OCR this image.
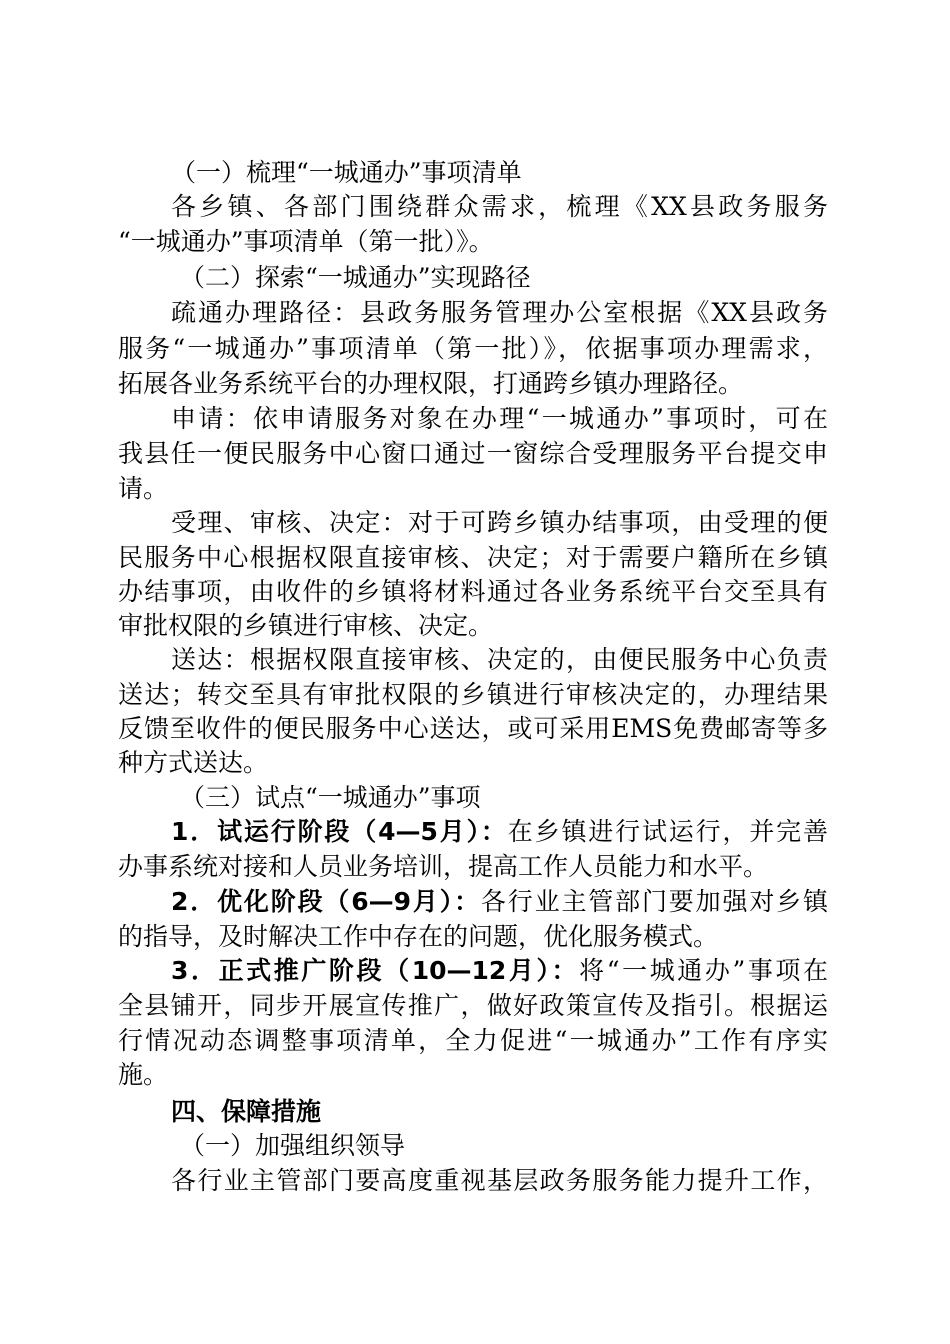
（一）梳理“一城通办”事项清单
各乡镇、各部门围绕群众需求，梳理《XX县政务服务
“一城通办”事项清单（第一批）》。
（二）探索“一城通办”实现路径
疏通办理路径：县政务服务管理办公室根据《XX县政务
服务“一城通办”事项清单（第一批）》，依据事项办理需求，
拓展各业务系统平台的办理权限，打通跨乡镇办理路径。
申请：依申请服务对象在办理“一城通办”事项时，可在
我县任一便民服务中心窗口通过一窗综合受理服务平台提交申
请。
受理、审核、决定：对于可跨乡镇办结事项，由受理的便
民服务中心根据权限直接审核、决定；对于需要户籍所在乡镇
办结事项，由收件的乡镇将材料通过各业务系统平台交至具有
审批权限的乡镇进行审核、决定。
送达：根据权限直接审核、决定的，由便民服务中心负责
送达；转交至具有审批权限的乡镇进行审核决定的，办理结果
反馈至收件的便民服务中心送达，或可采用EMS免费邮寄等多
种方式送达。
（三）试点“一城通办”事项
1．试运行阶段（4—5月）：在乡镇进行试运行，并完善
办事系统对接和人员业务培训，提高工作人员能力和水平。
2．优化阶段（6—9月）：各行业主管部门要加强对乡镇
的指导，及时解决工作中存在的问题，优化服务模式。
3．正式推广阶段（10—12月）：将“一城通办”事项在
全县铺开，同步开展宣传推广，做好政策宣传及指引。根据运
行情况动态调整事项清单，全力促进“一城通办”工作有序实
施。
四、保障措施
（一）加强组织领导
各行业主管部门要高度重视基层政务服务能力提升工作，
